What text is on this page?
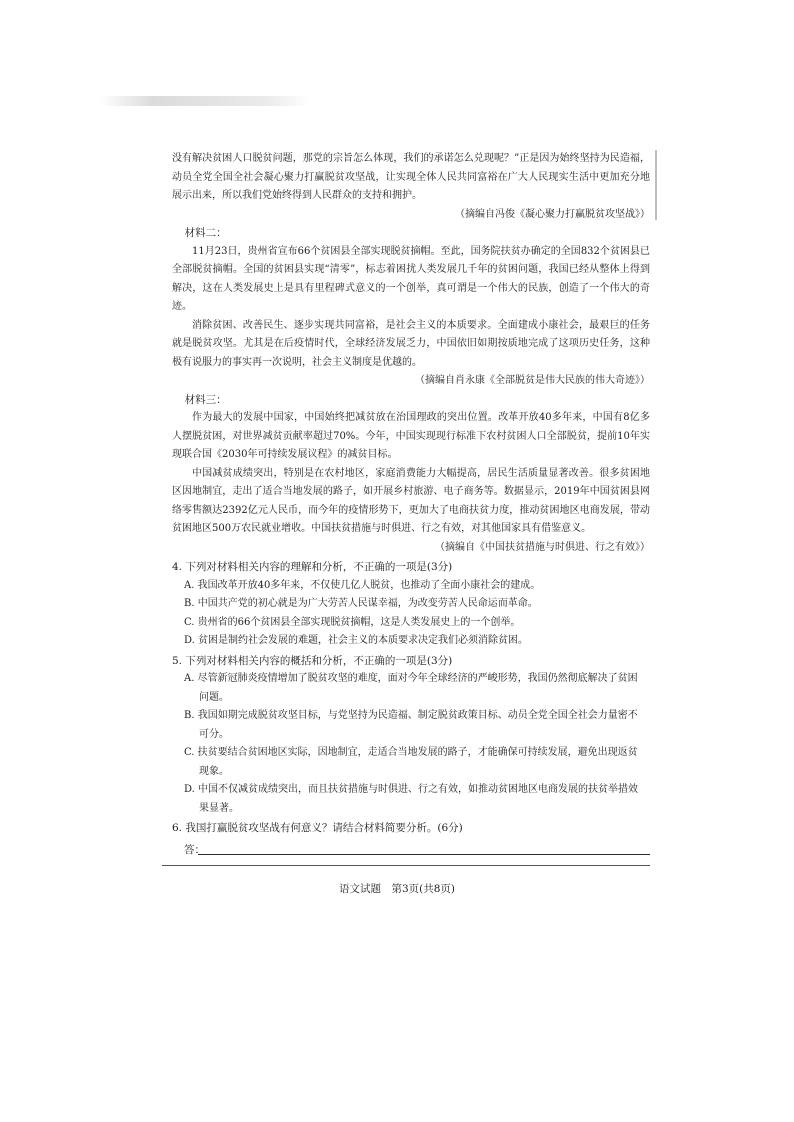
没有解决贫困人口脱贫问题，那党的宗旨怎么体现，我们的承诺怎么兑现呢？”正是因为始终坚持为民造福，动员全党全国全社会凝心聚力打赢脱贫攻坚战，让实现全体人民共同富裕在广大人民现实生活中更加充分地展示出来，所以我们党始终得到人民群众的支持和拥护。

（摘编自冯俊《凝心聚力打赢脱贫攻坚战》）

材料二：

11月23日，贵州省宣布66个贫困县全部实现脱贫摘帽。至此，国务院扶贫办确定的全国832个贫困县已全部脱贫摘帽。全国的贫困县实现“清零”，标志着困扰人类发展几千年的贫困问题，我国已经从整体上得到解决，这在人类发展史上是具有里程碑式意义的一个创举，真可谓是一个伟大的民族，创造了一个伟大的奇迹。

消除贫困、改善民生、逐步实现共同富裕，是社会主义的本质要求。全面建成小康社会，最艰巨的任务就是脱贫攻坚。尤其是在后疫情时代，全球经济发展乏力，中国依旧如期按质地完成了这项历史任务，这种极有说服力的事实再一次说明，社会主义制度是优越的。

（摘编自肖永康《全部脱贫是伟大民族的伟大奇迹》）

材料三：

作为最大的发展中国家，中国始终把减贫放在治国理政的突出位置。改革开放40多年来，中国有8亿多人摆脱贫困，对世界减贫贡献率超过70%。今年，中国实现现行标准下农村贫困人口全部脱贫，提前10年实现联合国《2030年可持续发展议程》的减贫目标。

中国减贫成绩突出，特别是在农村地区，家庭消费能力大幅提高，居民生活质量显著改善。很多贫困地区因地制宜，走出了适合当地发展的路子，如开展乡村旅游、电子商务等。数据显示，2019年中国贫困县网络零售额达2392亿元人民币，而今年的疫情形势下，更加大了电商扶贫力度，推动贫困地区电商发展，带动贫困地区500万农民就业增收。中国扶贫措施与时俱进、行之有效，对其他国家具有借鉴意义。

（摘编自《中国扶贫措施与时俱进、行之有效》）

4. 下列对材料相关内容的理解和分析，不正确的一项是(3分)

A. 我国改革开放40多年来，不仅使几亿人脱贫，也推动了全面小康社会的建成。

B. 中国共产党的初心就是为广大劳苦人民谋幸福，为改变劳苦人民命运而革命。

C. 贵州省的66个贫困县全部实现脱贫摘帽，这是人类发展史上的一个创举。

D. 贫困是制约社会发展的难题，社会主义的本质要求决定我们必须消除贫困。

5. 下列对材料相关内容的概括和分析，不正确的一项是(3分)

A. 尽管新冠肺炎疫情增加了脱贫攻坚的难度，面对今年全球经济的严峻形势，我国仍然彻底解决了贫困
问题。

B. 我国如期完成脱贫攻坚目标，与党坚持为民造福、制定脱贫政策目标、动员全党全国全社会力量密不
可分。

C. 扶贫要结合贫困地区实际，因地制宜，走适合当地发展的路子，才能确保可持续发展，避免出现返贫
现象。

D. 中国不仅减贫成绩突出，而且扶贫措施与时俱进、行之有效，如推动贫困地区电商发展的扶贫举措效
果显著。

6. 我国打赢脱贫攻坚战有何意义？请结合材料简要分析。(6分)

答：
语文试题　第3页(共8页)
